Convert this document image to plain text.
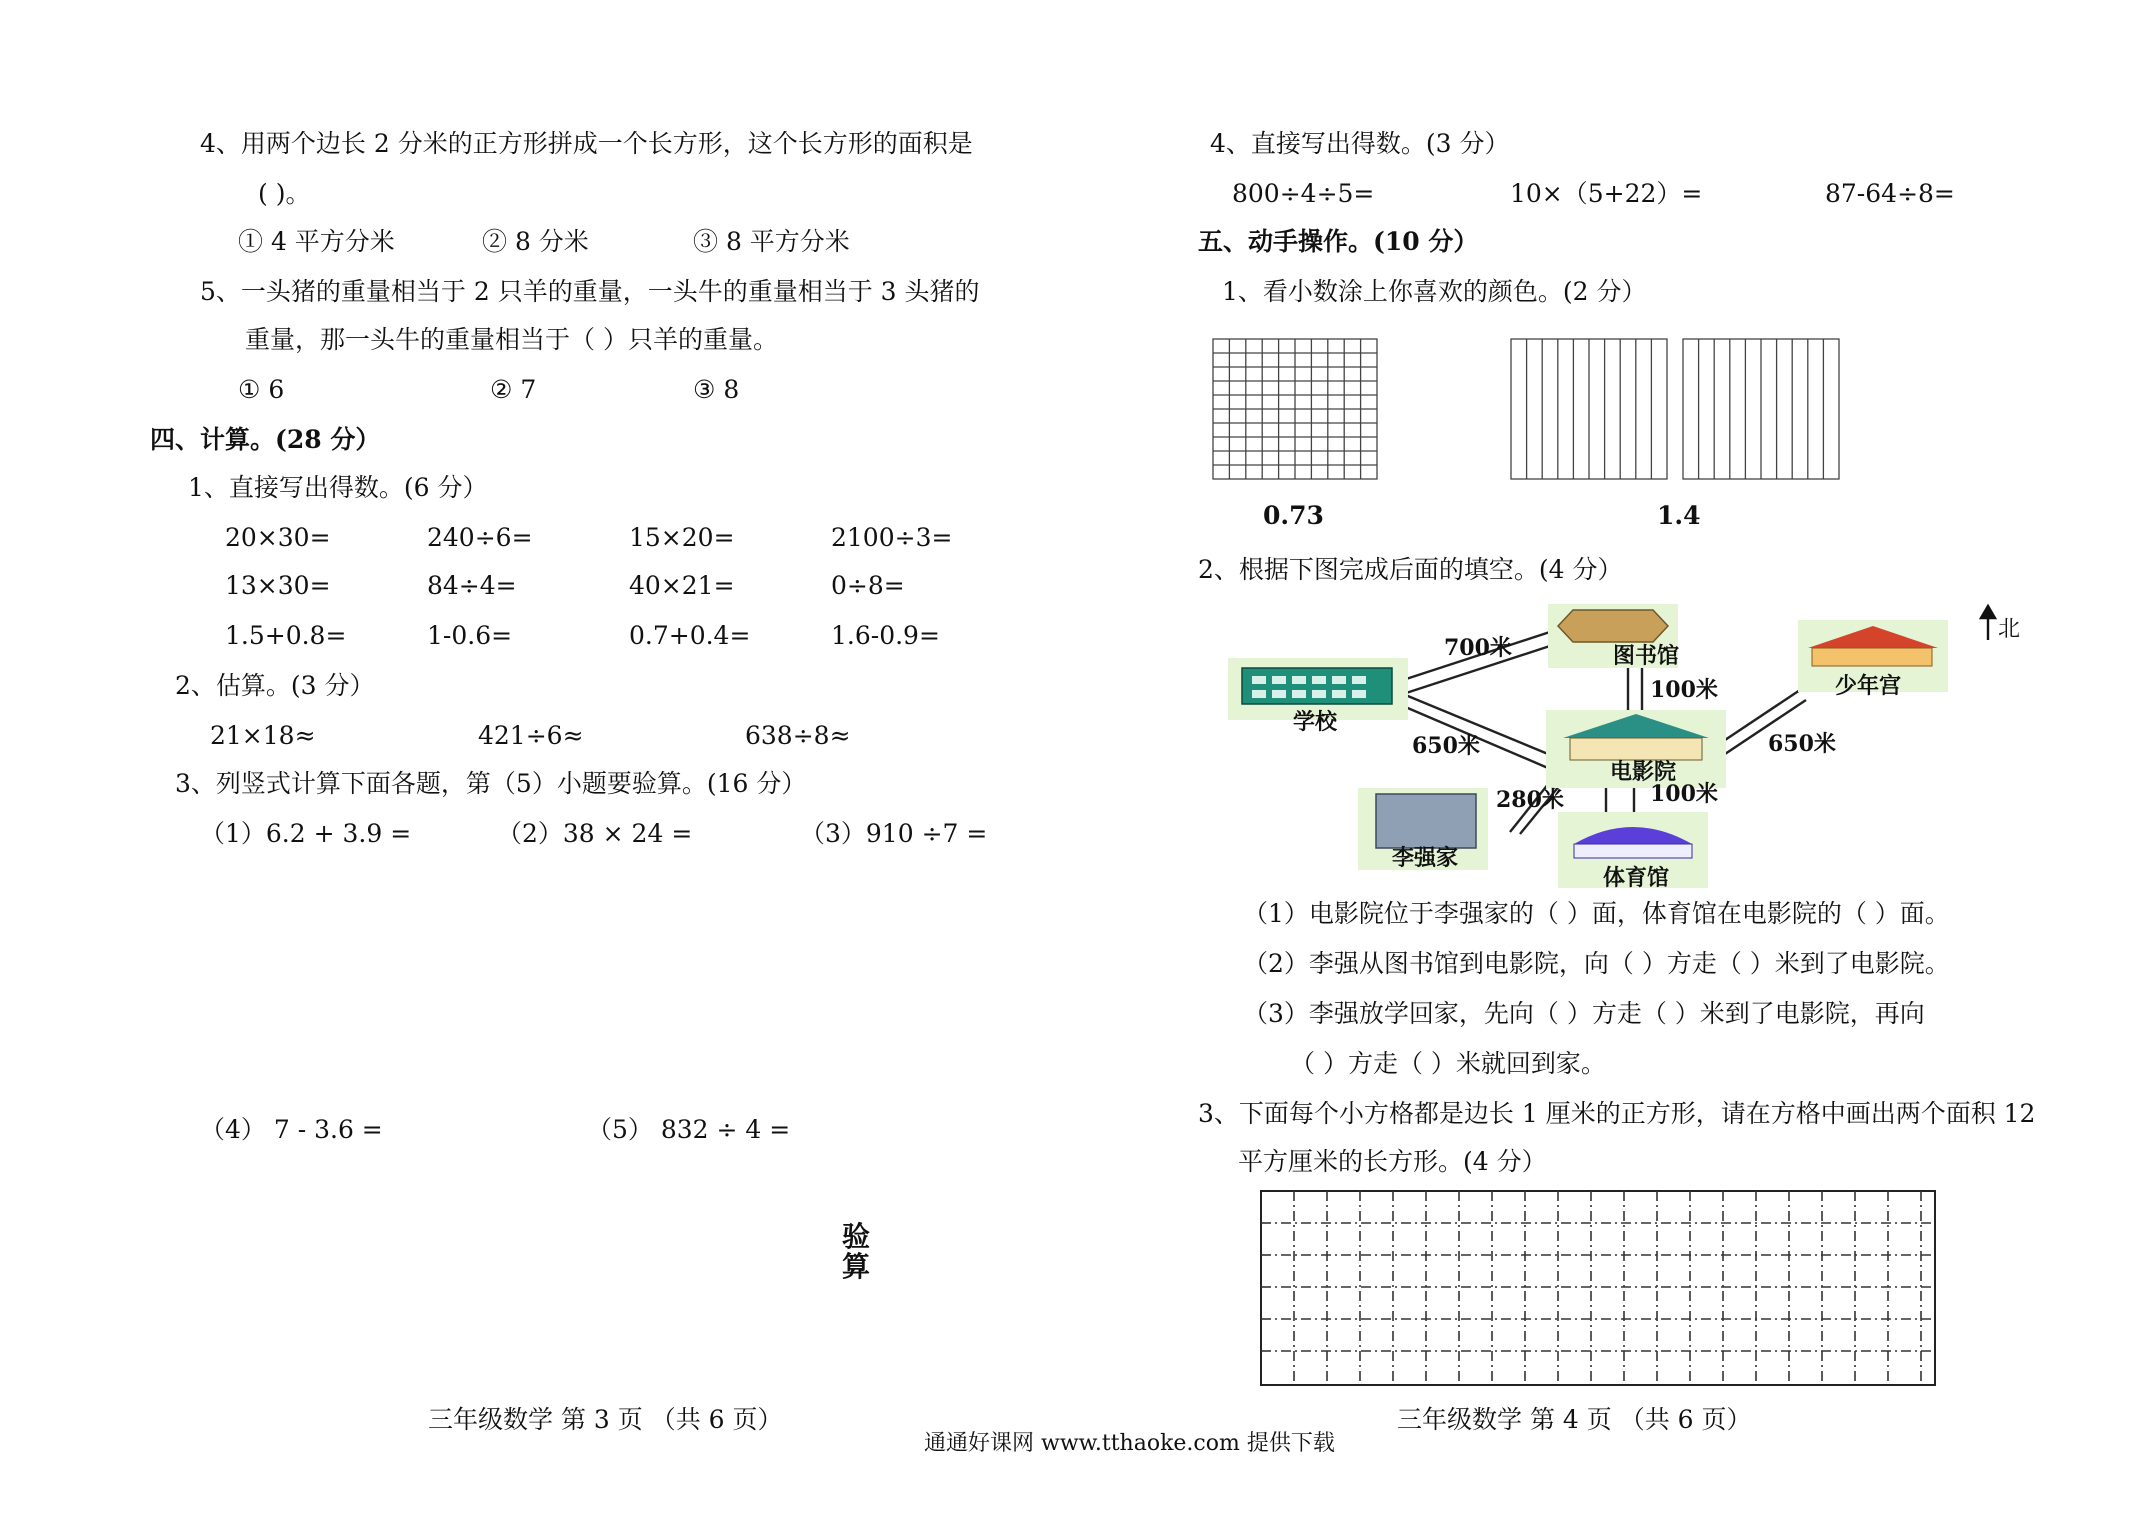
4、用两个边长 2 分米的正方形拼成一个长方形，这个长方形的面积是
( )。
① 4 平方分米	② 8 分米	③ 8 平方分米
5、一头猪的重量相当于 2 只羊的重量，一头牛的重量相当于 3 头猪的
重量，那一头牛的重量相当于（ ）只羊的重量。
① 6	② 7	③ 8
四、计算。(28 分）
1、直接写出得数。(6 分）
20×30=	240÷6=	15×20=	2100÷3=
13×30=	84÷4=	40×21=	0÷8=
1.5+0.8=	1-0.6=	0.7+0.4=	1.6-0.9=
2、估算。(3 分）
21×18≈	421÷6≈	638÷8≈
3、列竖式计算下面各题，第（5）小题要验算。(16 分）
（1）6.2 + 3.9 =	（2）38 × 24 =	（3）910 ÷7 =
（4） 7 - 3.6 =	（5） 832 ÷ 4 =
验算
三年级数学 第 3 页 （共 6 页）
4、直接写出得数。(3 分）
800÷4÷5=	10×（5+22）=	87-64÷8=
五、动手操作。(10 分）
1、看小数涂上你喜欢的颜色。(2 分）
0.73	1.4
2、根据下图完成后面的填空。(4 分）
图书馆
学校
少年宫
电影院
李强家
体育馆
700米
100米
650米	650米
280米	100米
北
（1）电影院位于李强家的（ ）面，体育馆在电影院的（ ）面。
（2）李强从图书馆到电影院，向（ ）方走（ ）米到了电影院。
（3）李强放学回家，先向（ ）方走（ ）米到了电影院，再向
（ ）方走（ ）米就回到家。
3、下面每个小方格都是边长 1 厘米的正方形，请在方格中画出两个面积 12
平方厘米的长方形。(4 分）
三年级数学 第 4 页 （共 6 页）
通通好课网 www.tthaoke.com 提供下载
